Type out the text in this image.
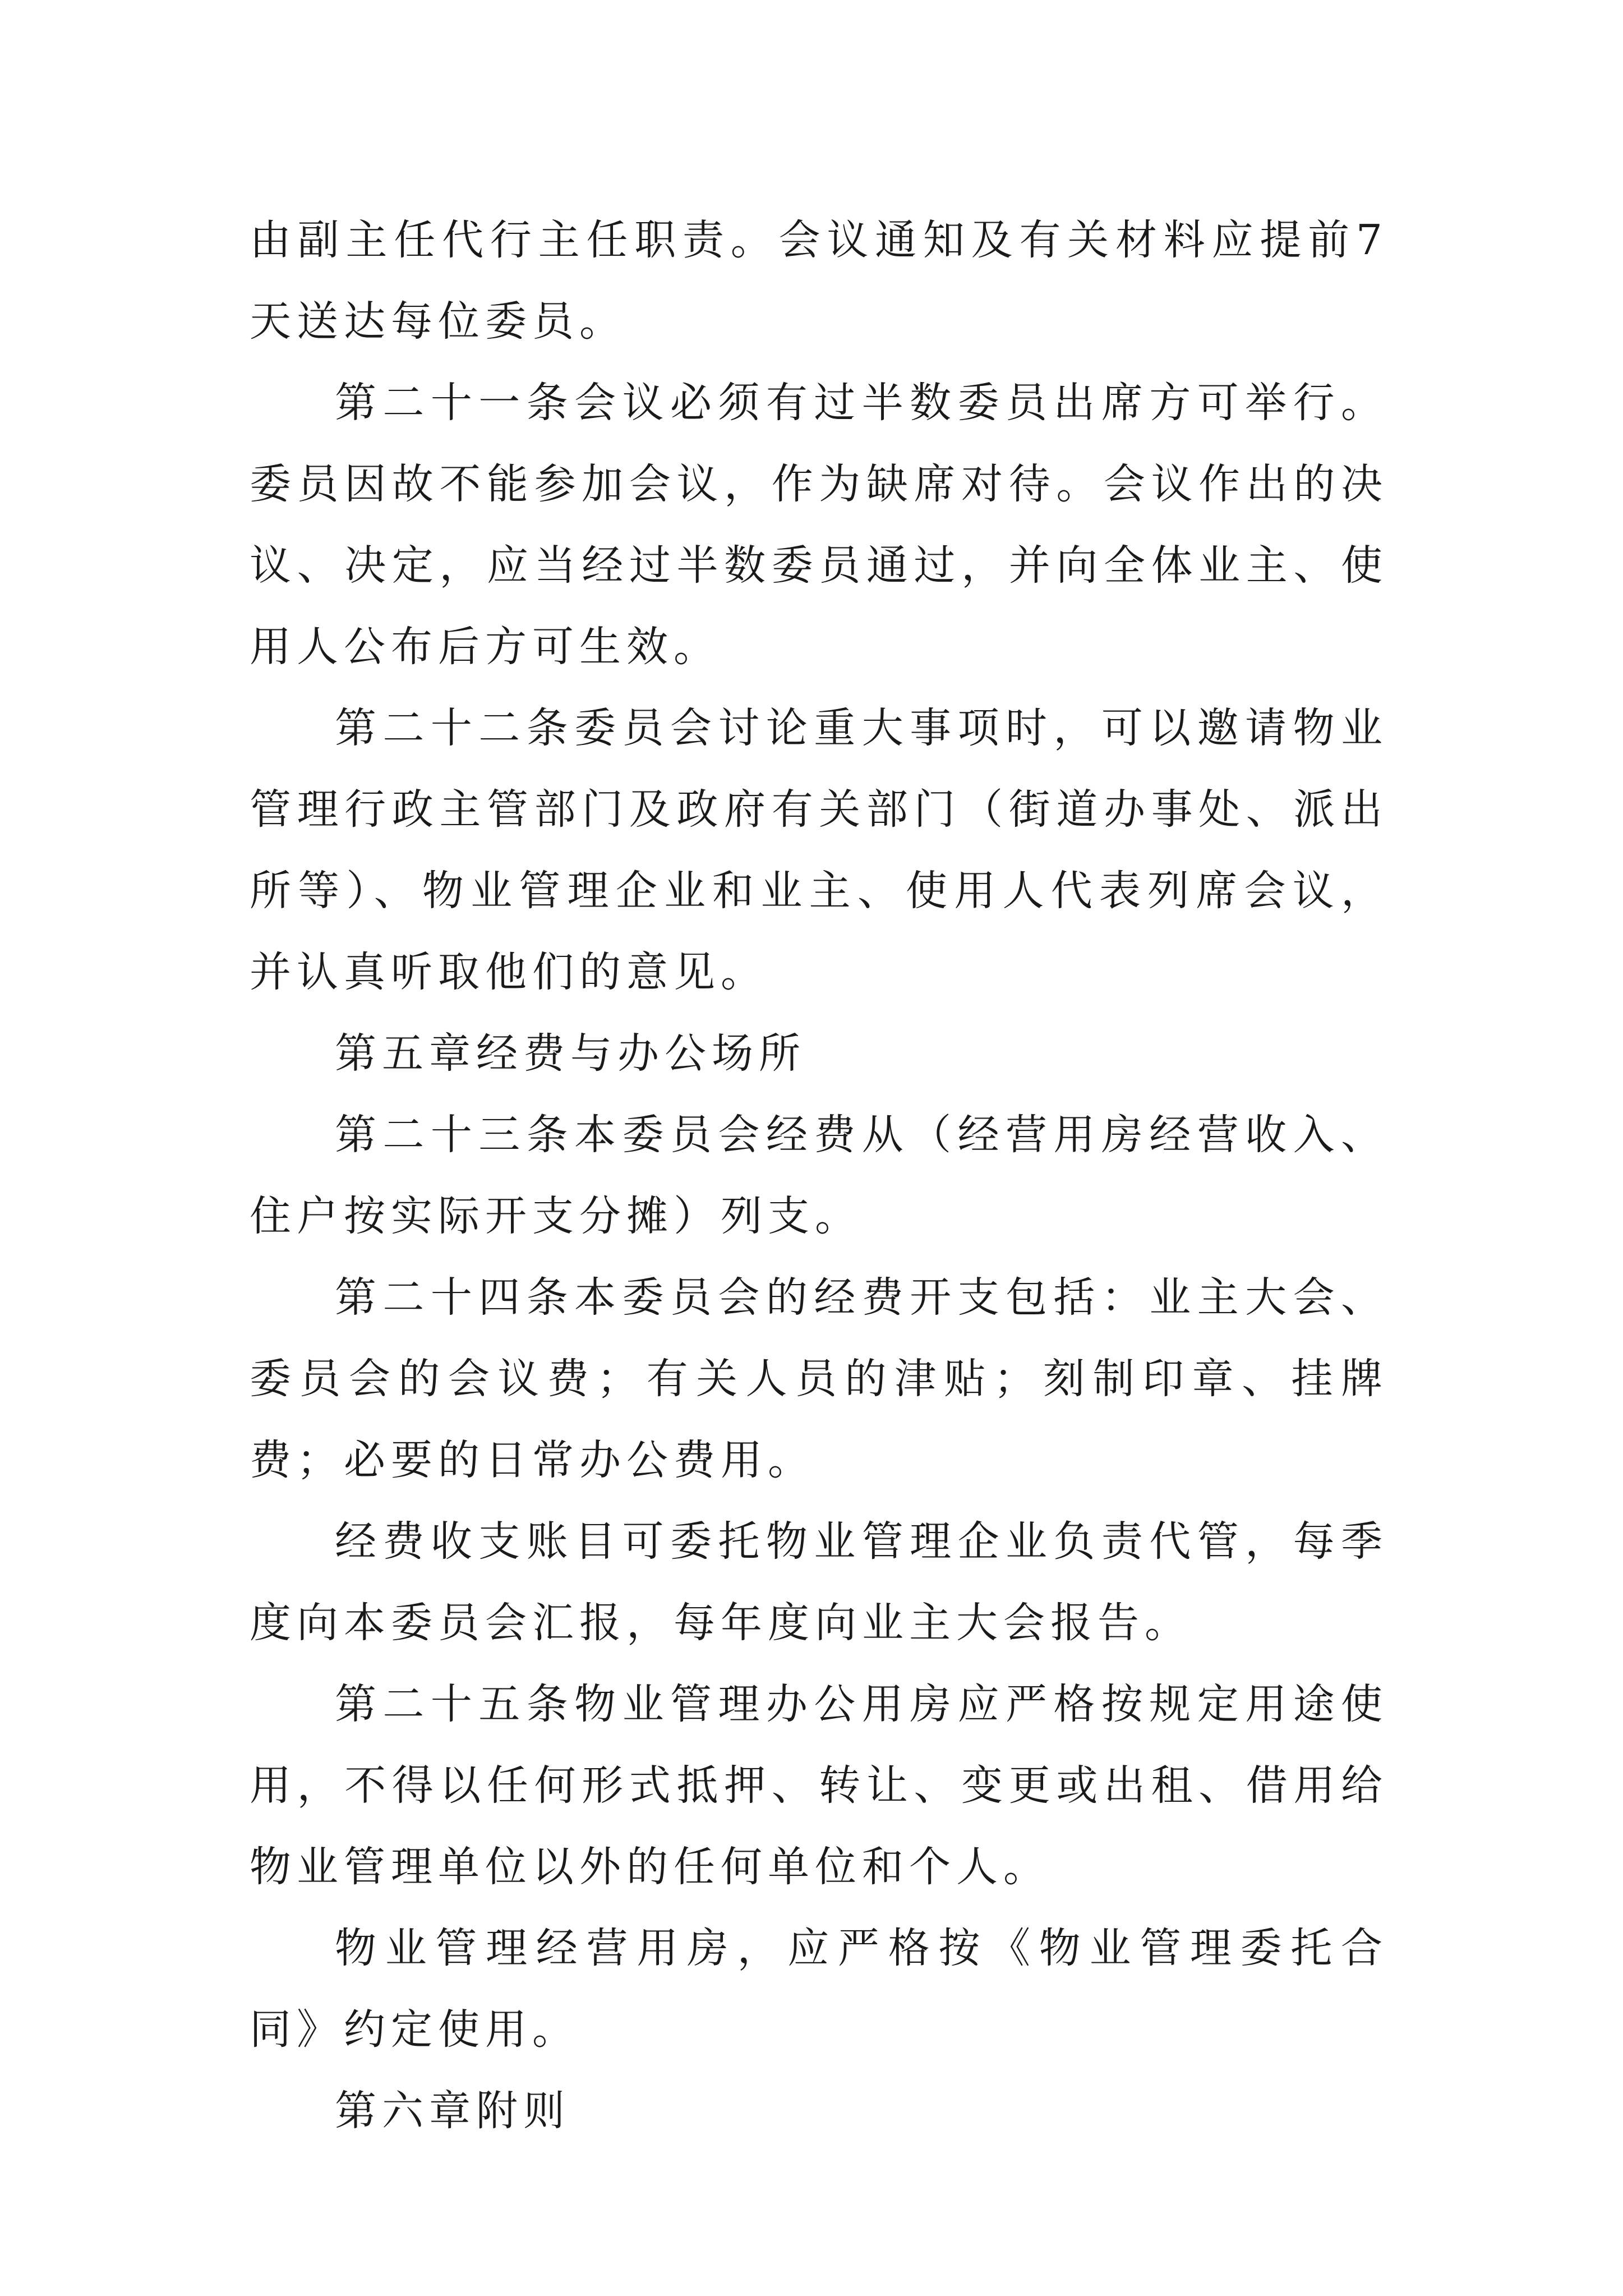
由副主任代行主任职责。会议通知及有关材料应提前7天送达每位委员。

第二十一条会议必须有过半数委员出席方可举行。委员因故不能参加会议，作为缺席对待。会议作出的决议、决定，应当经过半数委员通过，并向全体业主、使用人公布后方可生效。

第二十二条委员会讨论重大事项时，可以邀请物业管理行政主管部门及政府有关部门（街道办事处、派出所等）、物业管理企业和业主、使用人代表列席会议，并认真听取他们的意见。

第五章经费与办公场所

第二十三条本委员会经费从（经营用房经营收入、住户按实际开支分摊）列支。

第二十四条本委员会的经费开支包括：业主大会、委员会的会议费；有关人员的津贴；刻制印章、挂牌费；必要的日常办公费用。

经费收支账目可委托物业管理企业负责代管，每季度向本委员会汇报，每年度向业主大会报告。

第二十五条物业管理办公用房应严格按规定用途使用，不得以任何形式抵押、转让、变更或出租、借用给物业管理单位以外的任何单位和个人。

物业管理经营用房，应严格按《物业管理委托合同》约定使用。

第六章附则
